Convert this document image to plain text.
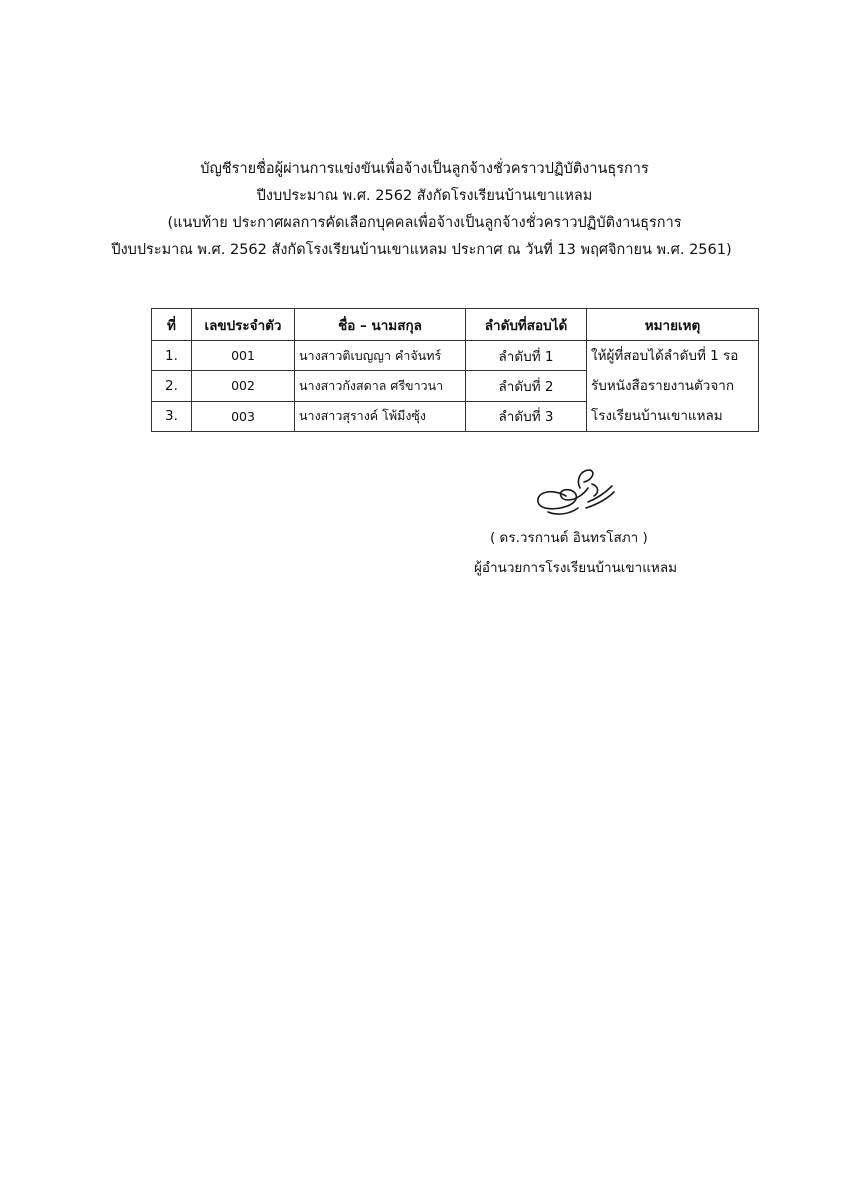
บัญชีรายชื่อผู้ผ่านการแข่งขันเพื่อจ้างเป็นลูกจ้างชั่วคราวปฏิบัติงานธุรการ
ปีงบประมาณ พ.ศ. 2562 สังกัดโรงเรียนบ้านเขาแหลม
(แนบท้าย ประกาศผลการคัดเลือกบุคคลเพื่อจ้างเป็นลูกจ้างชั่วคราวปฏิบัติงานธุรการ
ปีงบประมาณ พ.ศ. 2562 สังกัดโรงเรียนบ้านเขาแหลม ประกาศ ณ วันที่ 13 พฤศจิกายน พ.ศ. 2561)
ที่	เลขประจำตัว	ชื่อ – นามสกุล	ลำดับที่สอบได้	หมายเหตุ
1.	001	นางสาวติเบญญา คำจันทร์	ลำดับที่ 1	ให้ผู้ที่สอบได้ลำดับที่ 1 รอ
รับหนังสือรายงานตัวจาก
โรงเรียนบ้านเขาแหลม

2.	002	นางสาวกังสดาล ศรีขาวนา	ลำดับที่ 2	
3.	003	นางสาวสุรางค์ โพ้มีงซุ้ง	ลำดับที่ 3	
( ดร.วรกานต์ อินทรโสภา )
ผู้อำนวยการโรงเรียนบ้านเขาแหลม
